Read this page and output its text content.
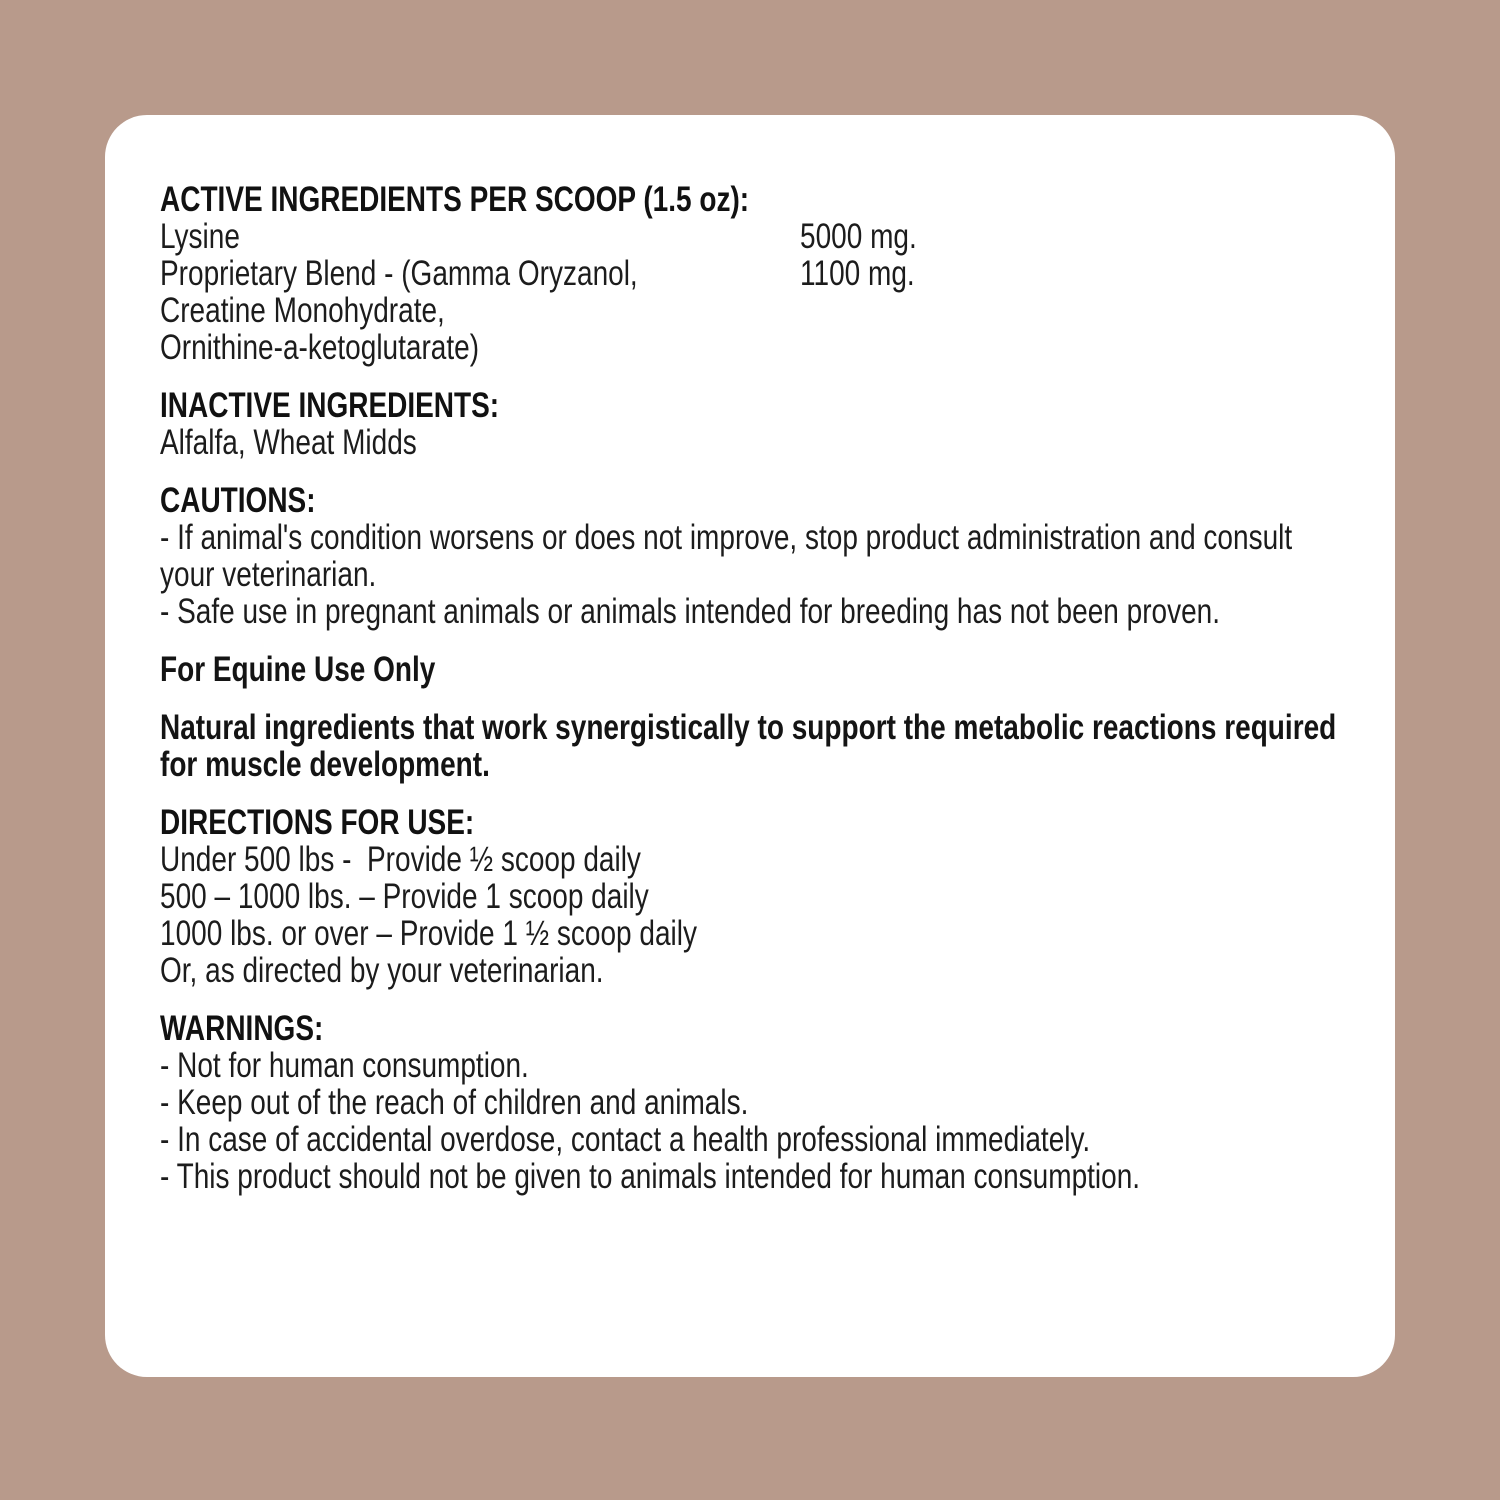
ACTIVE INGREDIENTS PER SCOOP (1.5 oz):
Lysine	5000 mg.
Proprietary Blend - (Gamma Oryzanol,	1100 mg.
Creatine Monohydrate,
Ornithine-a-ketoglutarate)
INACTIVE INGREDIENTS:
Alfalfa, Wheat Midds
CAUTIONS:
- If animal's condition worsens or does not improve, stop product administration and consult
your veterinarian.
- Safe use in pregnant animals or animals intended for breeding has not been proven.
For Equine Use Only
Natural ingredients that work synergistically to support the metabolic reactions required
for muscle development.
DIRECTIONS FOR USE:
Under 500 lbs -  Provide ½ scoop daily
500 – 1000 lbs. – Provide 1 scoop daily
1000 lbs. or over – Provide 1 ½ scoop daily
Or, as directed by your veterinarian.
WARNINGS:
- Not for human consumption.
- Keep out of the reach of children and animals.
- In case of accidental overdose, contact a health professional immediately.
- This product should not be given to animals intended for human consumption.
